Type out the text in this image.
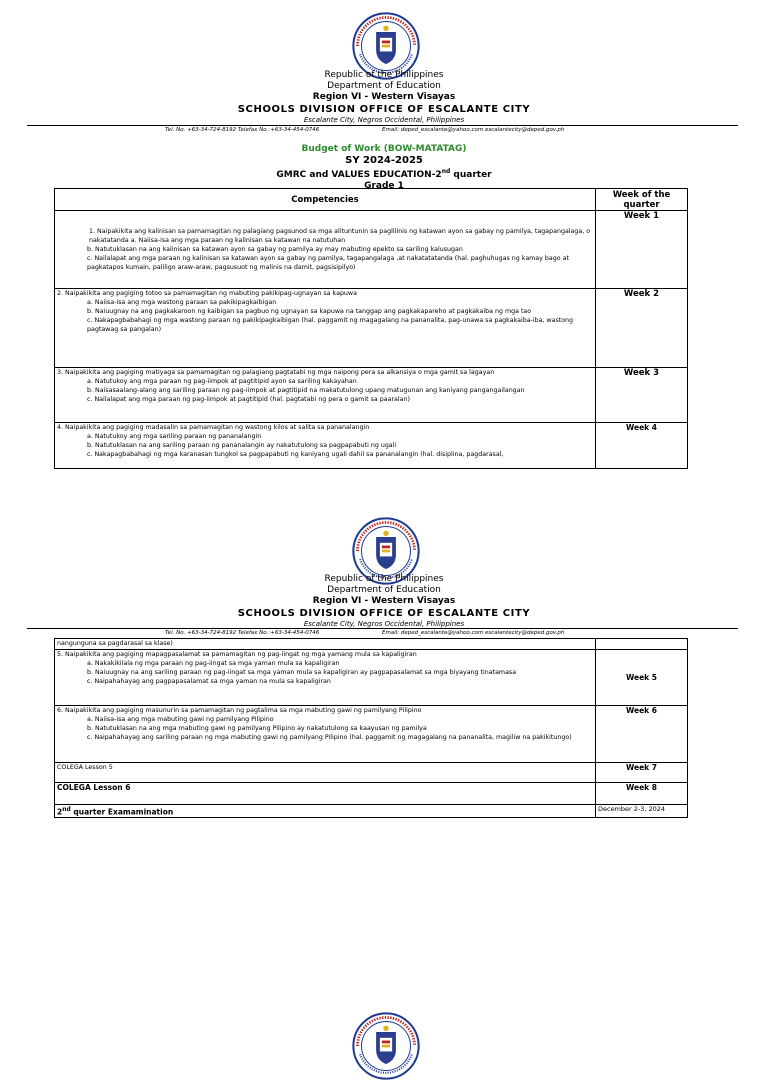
Republic of the Philippines
Department of Education
Region VI - Western Visayas
SCHOOLS DIVISION OFFICE OF ESCALANTE CITY
Escalante City, Negros Occidental, Philippines
Tel. No. +63-34-724-8192 Telefax No.:+63-34-454-0746	Email: deped_escalante@yahoo.com escalantecity@deped.gov.ph
Budget of Work (BOW-MATATAG)
SY 2024-2025
GMRC and VALUES EDUCATION-2nd quarter
Grade 1
Competencies	Week of the quarter

1. Naipakikita ang kalinisan sa pamamagitan ng palagiang pagsunod sa mga alituntunin sa paglilinis ng katawan ayon sa gabay ng pamilya, tagapangalaga, o nakatatanda a. Naiisa-isa ang mga paraan ng kalinisan sa katawan na natutuhan
b. Natutuklasan na ang kalinisan sa katawan ayon sa gabay ng pamilya ay may mabuting epekto sa sariling kalusugan
c. Nailalapat ang mga paraan ng kalinisan sa katawan ayon sa gabay ng pamilya, tagapangalaga ,at nakatatatanda (hal. paghuhugas ng kamay bago at pagkatapos kumain, paliligo araw-araw, pagsusuot ng malinis na damit, pagsisipilyo)	Week 1

2. Naipakikita ang pagiging totoo sa pamamagitan ng mabuting pakikipag-ugnayan sa kapuwa
a. Naiisa-isa ang mga wastong paraan sa pakikipagkaibigan
b. Naiuugnay na ang pagkakaroon ng kaibigan sa pagbuo ng ugnayan sa kapuwa na tanggap ang pagkakapareho at pagkakaiba ng mga tao
c. Nakapagbabahagi ng mga wastong paraan ng pakikipagkaibigan (hal. paggamit ng magagalang na pananalita, pag-unawa sa pagkakaiba-iba, wastong pagtawag sa pangalan)	Week 2

3. Naipakikita ang pagiging matiyaga sa pamamagitan ng palagiang pagtatabi ng mga naipong pera sa alkansiya o mga gamit sa lagayan
a. Natutukoy ang mga paraan ng pag-iimpok at pagtitipid ayon sa sariling kakayahan
b. Naisasaalang-alang ang sariling paraan ng pag-iimpok at pagtitipid na makatutulong upang matugunan ang kaniyang pangangailangan
c. Nailalapat ang mga paraan ng pag-iimpok at pagtitipid (hal. pagtatabi ng pera o gamit sa paaralan)	Week 3

4. Naipakikita ang pagiging madasalin sa pamamagitan ng wastong kilos at salita sa pananalangin
a. Natutukoy ang mga sariling paraan ng pananalangin
b. Natutuklasan na ang sariling paraan ng pananalangin ay nakatutulong sa pagpapabuti ng ugali
c. Nakapagbabahagi ng mga karanasan tungkol sa pagpapabuti ng kaniyang ugali dahil sa pananalangin (hal. disiplina, pagdarasal,	Week 4
Republic of the Philippines
Department of Education
Region VI - Western Visayas
SCHOOLS DIVISION OFFICE OF ESCALANTE CITY
Escalante City, Negros Occidental, Philippines
Tel. No. +63-34-724-8192 Telefax No.:+63-34-454-0746	Email: deped_escalante@yahoo.com escalantecity@deped.gov.ph
nangunguna sa pagdarasal sa klase)	

5. Naipakikita ang pagiging mapagpasalamat sa pamamagitan ng pag-iingat ng mga yamang mula sa kapaligiran
a. Nakakikilala ng mga paraan ng pag-iingat sa mga yaman mula sa kapaligiran
b. Naiuugnay na ang sariling paraan ng pag-iingat sa mga yaman mula sa kapaligiran ay pagpapasalamat sa mga biyayang tinatamasa
c. Naipahahayag ang pagpapasalamat sa mga yaman na mula sa kapaligiran	Week 5

6. Naipakikita ang pagiging masunurin sa pamamagitan ng pagtalima sa mga mabuting gawi ng pamilyang Pilipino
a. Naiisa-isa ang mga mabuting gawi ng pamilyang Pilipino
b. Natutuklasan na ang mga mabuting gawi ng pamilyang Pilipino ay nakatutulong sa kaayusan ng pamilya
c. Naipahahayag ang sariling paraan ng mga mabuting gawi ng pamilyang Pilipino (hal. paggamit ng magagalang na pananalita, magiliw na pakikitungo)	Week 6
COLEGA Lesson 5	Week 7
COLEGA Lesson 6	Week 8
2nd quarter Examamination	December 2-3, 2024
